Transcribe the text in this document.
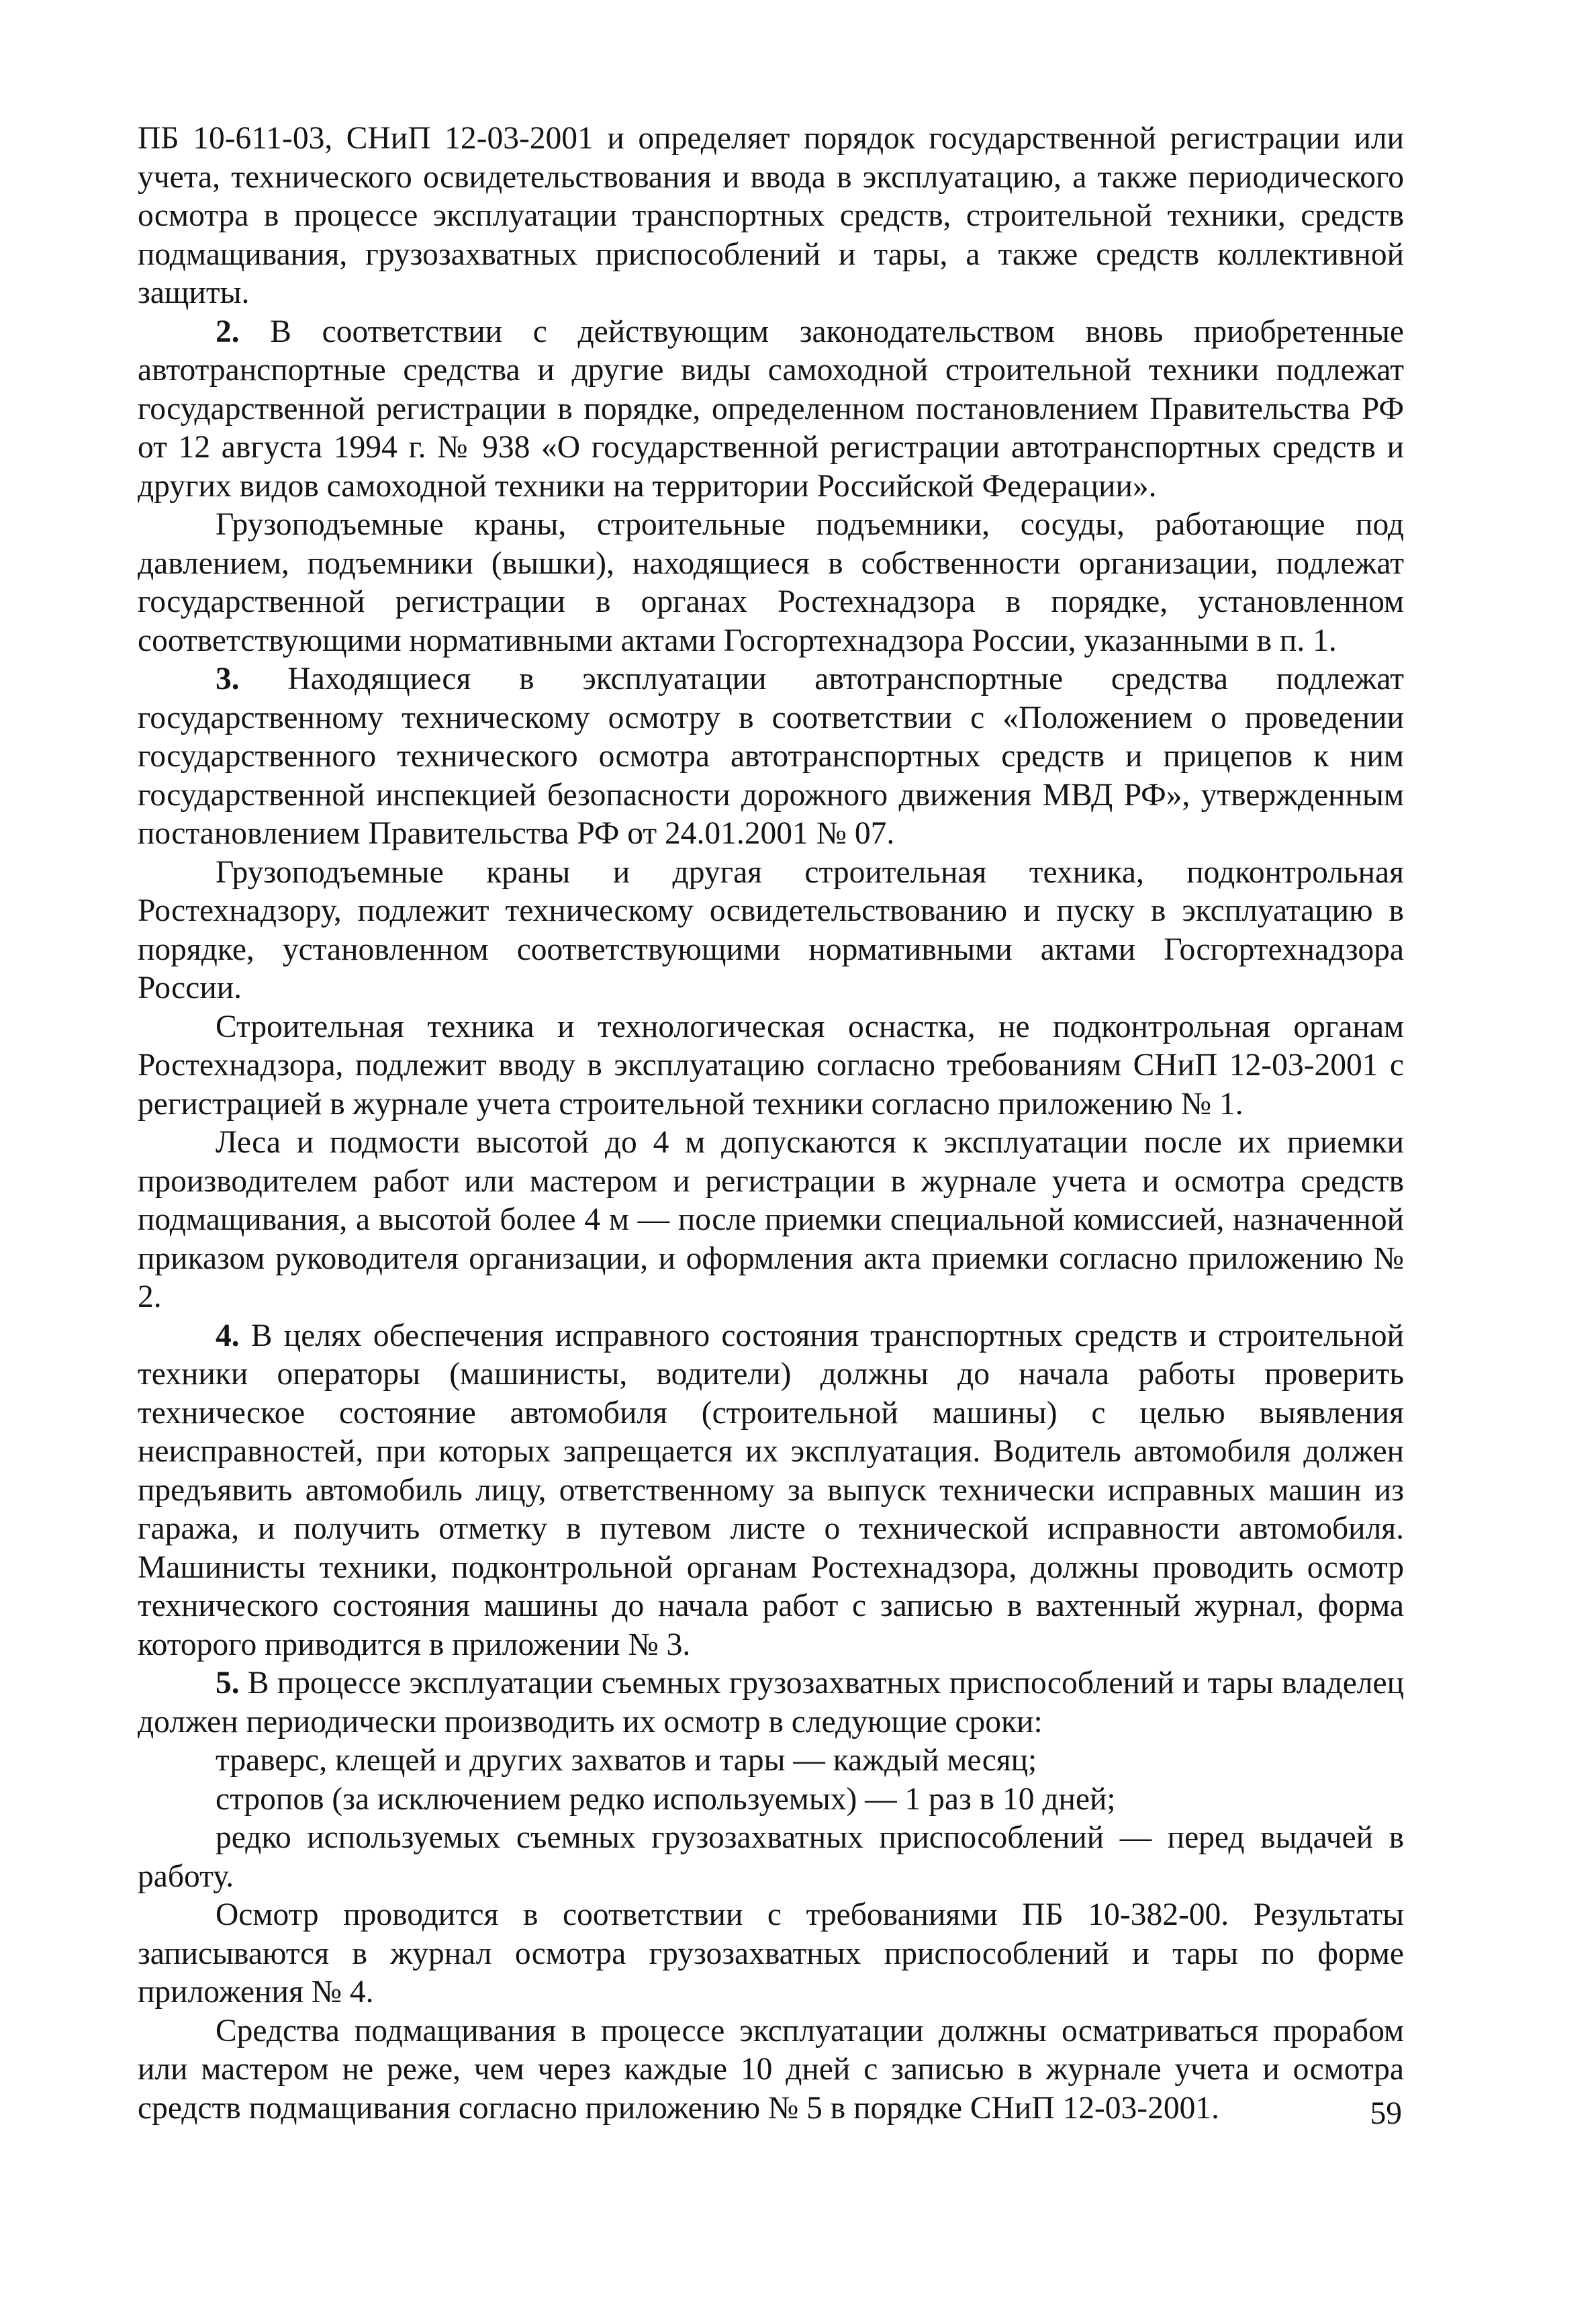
ПБ 10-611-03, СНиП 12-03-2001 и определяет порядок государственной регистрации или учета, технического освидетельствования и ввода в эксплуатацию, а также периодического осмотра в процессе эксплуатации транспортных средств, строительной техники, средств подмащивания, грузозахватных приспособлений и тары, а также средств коллективной защиты.

2. В соответствии с действующим законодательством вновь приобретенные автотранспортные средства и другие виды самоходной строительной техники подлежат государственной регистрации в порядке, определенном постановлением Правительства РФ от 12 августа 1994 г. № 938 «О государственной регистрации автотранспортных средств и других видов самоходной техники на территории Российской Федерации».

Грузоподъемные краны, строительные подъемники, сосуды, работающие под давлением, подъемники (вышки), находящиеся в собственности организации, подлежат государственной регистрации в органах Ростехнадзора в порядке, установленном соответствующими нормативными актами Госгортехнадзора России, указанными в п. 1.

3. Находящиеся в эксплуатации автотранспортные средства подлежат государственному техническому осмотру в соответствии с «Положением о проведении государственного технического осмотра автотранспортных средств и прицепов к ним государственной инспекцией безопасности дорожного движения МВД РФ», утвержденным постановлением Правительства РФ от 24.01.2001 № 07.

Грузоподъемные краны и другая строительная техника, подконтрольная Ростехнадзору, подлежит техническому освидетельствованию и пуску в эксплуатацию в порядке, установленном соответствующими нормативными актами Госгортехнадзора России.

Строительная техника и технологическая оснастка, не подконтрольная органам Ростехнадзора, подлежит вводу в эксплуатацию согласно требованиям СНиП 12-03-2001 с регистрацией в журнале учета строительной техники согласно приложению № 1.

Леса и подмости высотой до 4 м допускаются к эксплуатации после их приемки производителем работ или мастером и регистрации в журнале учета и осмотра средств подмащивания, а высотой более 4 м — после приемки специальной комиссией, назначенной приказом руководителя организации, и оформления акта приемки согласно приложению № 2.

4. В целях обеспечения исправного состояния транспортных средств и строительной техники операторы (машинисты, водители) должны до начала работы проверить техническое состояние автомобиля (строительной машины) с целью выявления неисправностей, при которых запрещается их эксплуатация. Водитель автомобиля должен предъявить автомобиль лицу, ответственному за выпуск технически исправных машин из гаража, и получить отметку в путевом листе о технической исправности автомобиля. Машинисты техники, подконтрольной органам Ростехнадзора, должны проводить осмотр технического состояния машины до начала работ с записью в вахтенный журнал, форма которого приводится в приложении № 3.

5. В процессе эксплуатации съемных грузозахватных приспособлений и тары владелец должен периодически производить их осмотр в следующие сроки:

траверс, клещей и других захватов и тары — каждый месяц;

стропов (за исключением редко используемых) — 1 раз в 10 дней;

редко используемых съемных грузозахватных приспособлений — перед выдачей в работу.

Осмотр проводится в соответствии с требованиями ПБ 10-382-00. Результаты записываются в журнал осмотра грузозахватных приспособлений и тары по форме приложения № 4.

Средства подмащивания в процессе эксплуатации должны осматриваться прорабом или мастером не реже, чем через каждые 10 дней с записью в журнале учета и осмотра средств подмащивания согласно приложению № 5 в порядке СНиП 12-03-2001.	59
